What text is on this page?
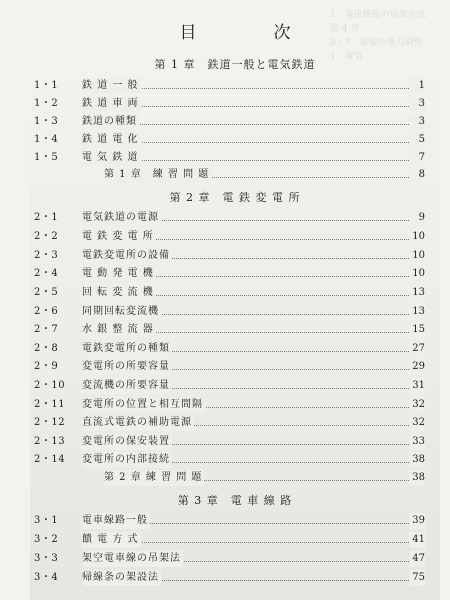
1　電車線路の吊架方式
第 4 章
3・7　架線の張力調整
1　電気
目　次
第 1 章　鉄道一般と電気鉄道
1・1 鉄 道 一 般	1
1・2 鉄 道 車 両	3
1・3 鉄道の種類	3
1・4 鉄 道 電 化	5
1・5 電 気 鉄 道	7
第 1 章　練 習 問 題	8
第 2 章　電 鉄 変 電 所
2・1 電気鉄道の電源	9
2・2 電 鉄 変 電 所	10
2・3 電鉄変電所の設備	10
2・4 電 動 発 電 機	10
2・5 回 転 変 流 機	13
2・6 同期回転変流機	13
2・7 水 銀 整 流 器	15
2・8 電鉄変電所の種類	27
2・9 変電所の所要容量	29
2・10 変流機の所要容量	31
2・11 変電所の位置と相互間隔	32
2・12 直流式電鉄の補助電源	32
2・13 変電所の保安装置	33
2・14 変電所の内部接続	38
第 2 章 練 習 問 題	38
第 3 章　電 車 線 路
3・1 電車線路一般	39
3・2 饋 電 方 式	41
3・3 架空電車線の吊架法	47
3・4 帰線条の架設法	75
